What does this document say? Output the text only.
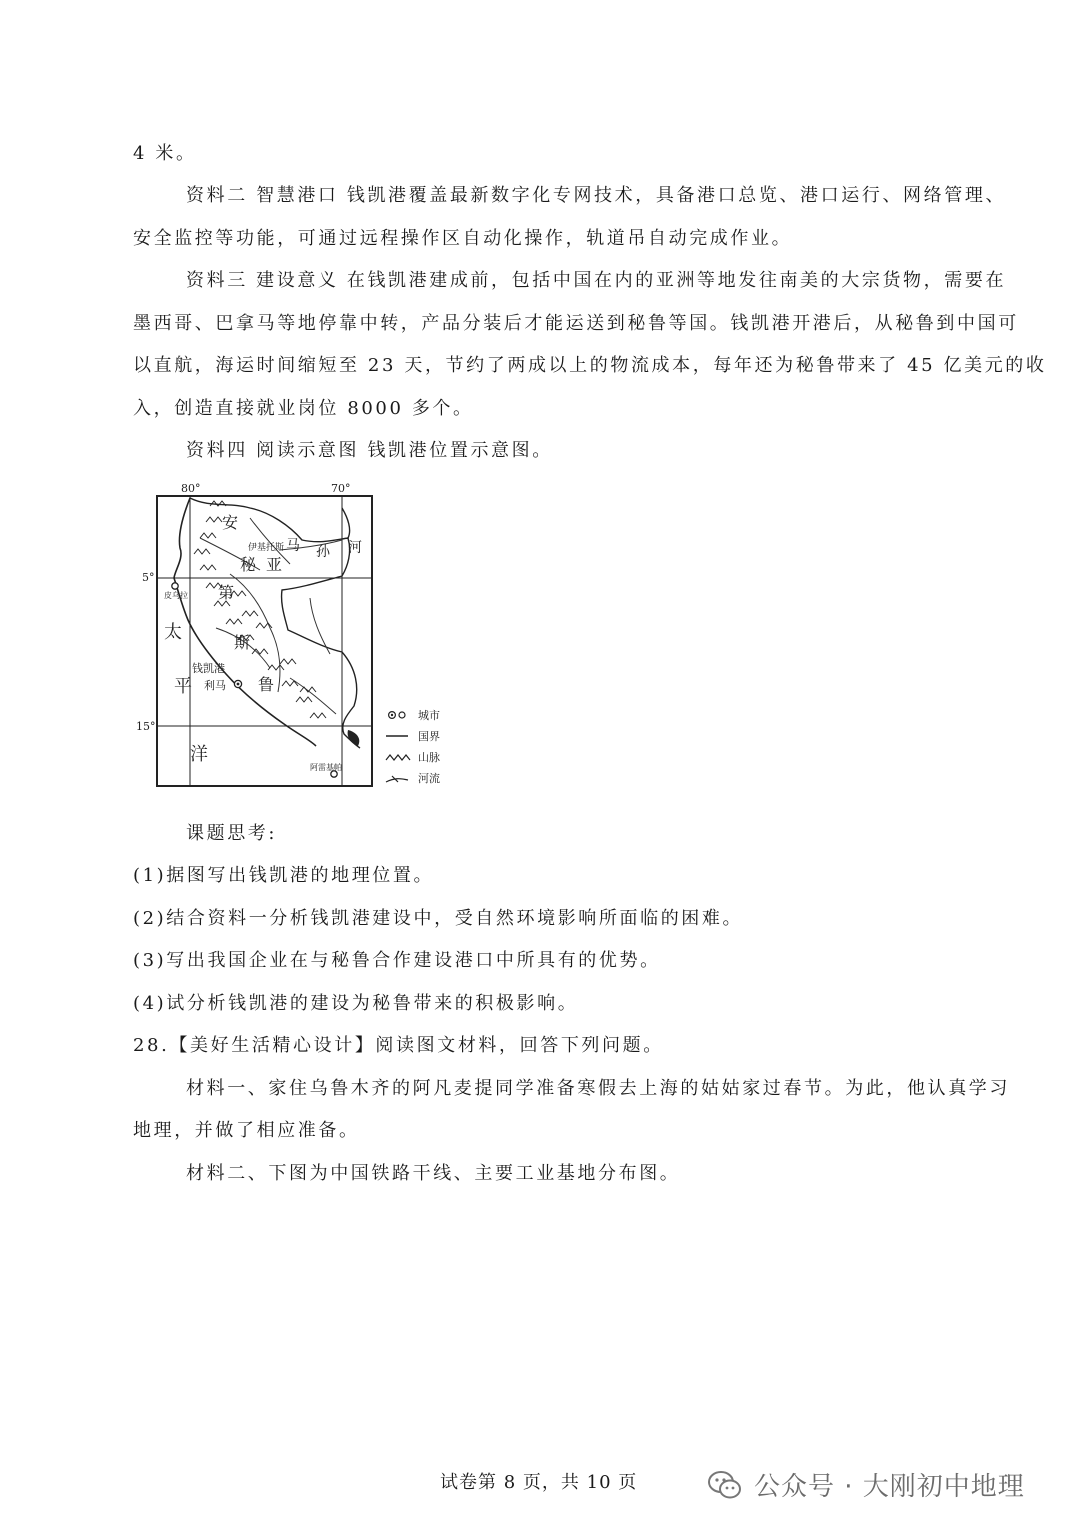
4 米。
资料二 智慧港口 钱凯港覆盖最新数字化专网技术，具备港口总览、港口运行、网络管理、
安全监控等功能，可通过远程操作区自动化操作，轨道吊自动完成作业。
资料三 建设意义 在钱凯港建成前，包括中国在内的亚洲等地发往南美的大宗货物，需要在
墨西哥、巴拿马等地停靠中转，产品分装后才能运送到秘鲁等国。钱凯港开港后，从秘鲁到中国可
以直航，海运时间缩短至 23 天，节约了两成以上的物流成本，每年还为秘鲁带来了 45 亿美元的收
入，创造直接就业岗位 8000 多个。
资料四 阅读示意图 钱凯港位置示意图。
80°	70°
5°
15°
安
秘 亚
第
斯
鲁
太
平
洋
马 孙 河
伊基托斯
皮乌拉
钱凯港
利马
阿雷基帕
城市
国界
山脉
河流
课题思考:
(1)据图写出钱凯港的地理位置。
(2)结合资料一分析钱凯港建设中，受自然环境影响所面临的困难。
(3)写出我国企业在与秘鲁合作建设港口中所具有的优势。
(4)试分析钱凯港的建设为秘鲁带来的积极影响。
28.【美好生活精心设计】阅读图文材料，回答下列问题。
材料一、家住乌鲁木齐的阿凡麦提同学准备寒假去上海的姑姑家过春节。为此，他认真学习
地理，并做了相应准备。
材料二、下图为中国铁路干线、主要工业基地分布图。
试卷第 8 页，共 10 页	公众号 · 大刚初中地理
